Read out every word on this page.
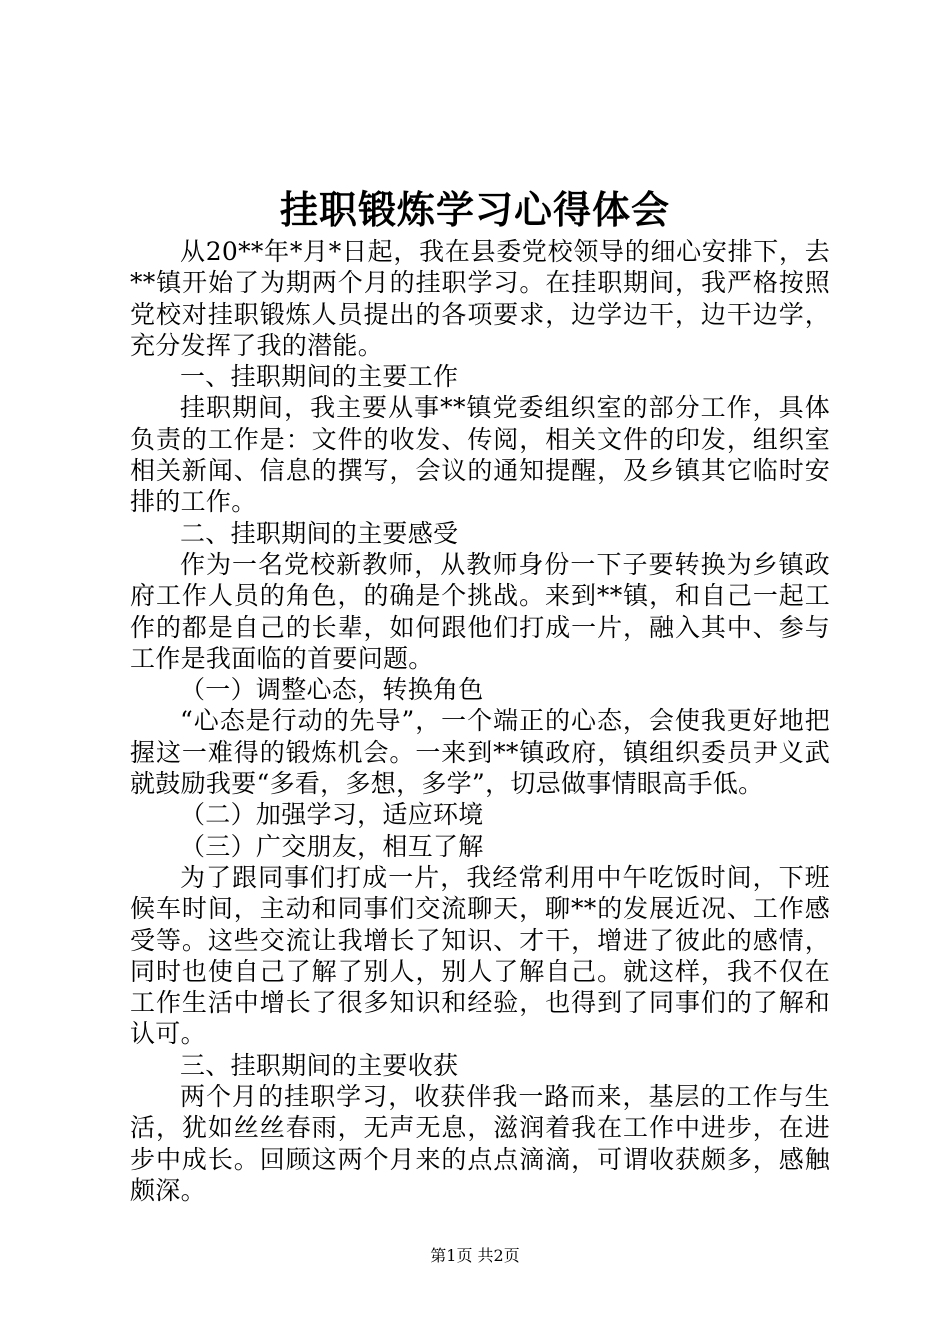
挂职锻炼学习心得体会

从20**年*月*日起，我在县委党校领导的细心安排下，去**镇开始了为期两个月的挂职学习。在挂职期间，我严格按照党校对挂职锻炼人员提出的各项要求，边学边干，边干边学，充分发挥了我的潜能。

一、挂职期间的主要工作

挂职期间，我主要从事**镇党委组织室的部分工作，具体负责的工作是：文件的收发、传阅，相关文件的印发，组织室相关新闻、信息的撰写，会议的通知提醒，及乡镇其它临时安排的工作。

二、挂职期间的主要感受

作为一名党校新教师，从教师身份一下子要转换为乡镇政府工作人员的角色，的确是个挑战。来到**镇，和自己一起工作的都是自己的长辈，如何跟他们打成一片，融入其中、参与工作是我面临的首要问题。

（一）调整心态，转换角色

“心态是行动的先导”，一个端正的心态，会使我更好地把握这一难得的锻炼机会。一来到**镇政府，镇组织委员尹义武就鼓励我要“多看，多想，多学”，切忌做事情眼高手低。

（二）加强学习，适应环境

（三）广交朋友，相互了解

为了跟同事们打成一片，我经常利用中午吃饭时间，下班候车时间，主动和同事们交流聊天，聊**的发展近况、工作感受等。这些交流让我增长了知识、才干，增进了彼此的感情，同时也使自己了解了别人，别人了解自己。就这样，我不仅在工作生活中增长了很多知识和经验，也得到了同事们的了解和认可。

三、挂职期间的主要收获

两个月的挂职学习，收获伴我一路而来，基层的工作与生活，犹如丝丝春雨，无声无息，滋润着我在工作中进步，在进步中成长。回顾这两个月来的点点滴滴，可谓收获颇多，感触颇深。

第1页 共2页
